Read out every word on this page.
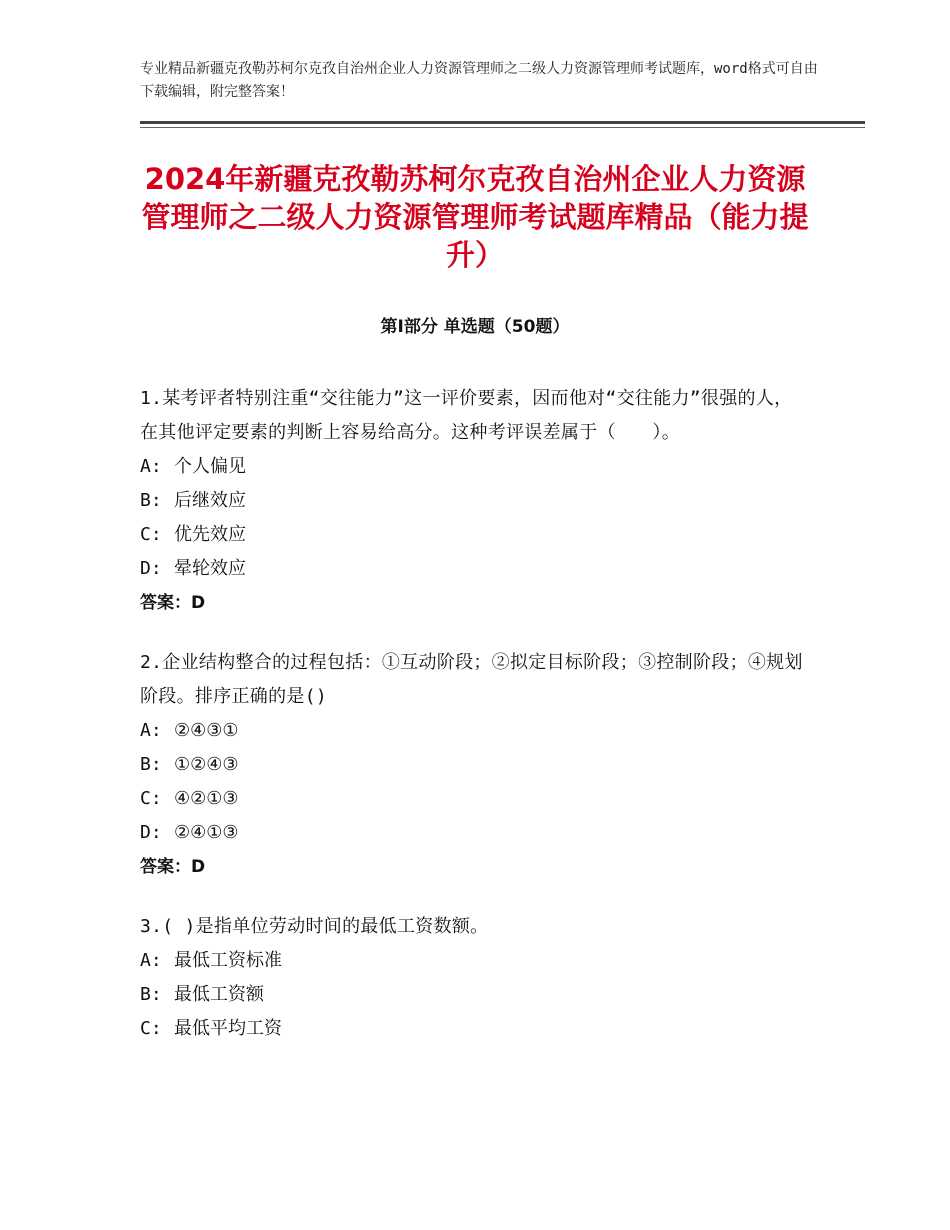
专业精品新疆克孜勒苏柯尔克孜自治州企业人力资源管理师之二级人力资源管理师考试题库，word格式可自由下载编辑，附完整答案！
2024年新疆克孜勒苏柯尔克孜自治州企业人力资源管理师之二级人力资源管理师考试题库精品（能力提升）
第Ⅰ部分 单选题（50题）
1.某考评者特别注重“交往能力”这一评价要素，因而他对“交往能力”很强的人，在其他评定要素的判断上容易给高分。这种考评误差属于（　　）。
A: 个人偏见
B: 后继效应
C: 优先效应
D: 晕轮效应
答案：D
2.企业结构整合的过程包括：①互动阶段；②拟定目标阶段；③控制阶段；④规划阶段。排序正确的是()
A: ②④③①
B: ①②④③
C: ④②①③
D: ②④①③
答案：D
3.( )是指单位劳动时间的最低工资数额。
A: 最低工资标准
B: 最低工资额
C: 最低平均工资
